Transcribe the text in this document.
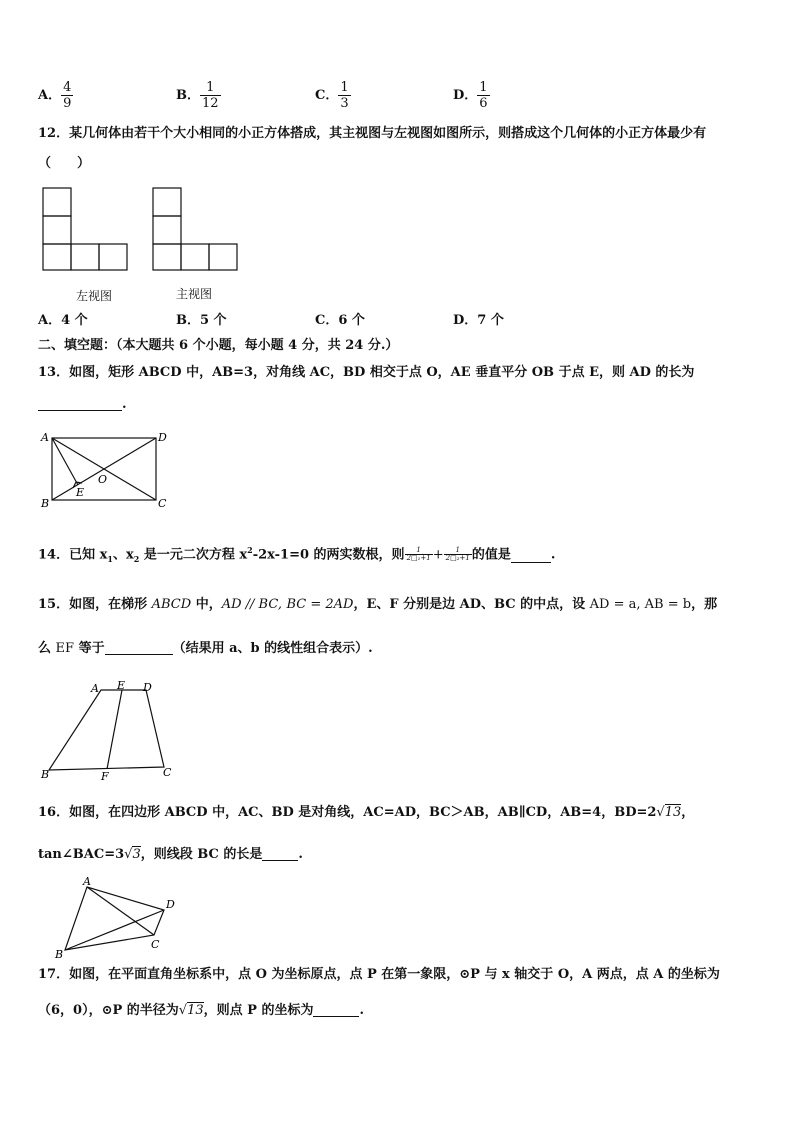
A． $\frac{4}{9}$	B． $\frac{1}{12}$	C． $\frac{1}{3}$	D． $\frac{1}{6}$
12．某几何体由若干个大小相同的小正方体搭成，其主视图与左视图如图所示，则搭成这个几何体的小正方体最少有
（　　）
左视图	主视图
A．4 个	B．5 个	C．6 个	D．7 个
二、填空题：（本大题共 6 个小题，每小题 4 分，共 24 分.）
13．如图，矩形 ABCD 中，AB=3，对角线 AC，BD 相交于点 O，AE 垂直平分 OB 于点 E，则 AD 的长为
.
A	D
B	C
O
E
14．已知 $x_1$、$x_2$ 是一元二次方程 $x^2-2x-1=0$ 的两实数根，则 $\frac{1}{\text{2□₁+1}} + \frac{1}{\text{2□₂+1}}$ 的值是	.
15．如图，在梯形 ABCD 中，AD // BC, BC = 2AD，E、F 分别是边 AD、BC 的中点，设 AD = a, AB = b，那
么 EF 等于	（结果用 a、b 的线性组合表示）.
A E D
B	F	C
16．如图，在四边形 ABCD 中，AC、BD 是对角线，AC=AD，BC＞AB，AB∥CD，AB=4，BD=2√13，
tan∠BAC=3√3，则线段 BC 的长是	.
A
D
C
B
17．如图，在平面直角坐标系中，点 O 为坐标原点，点 P 在第一象限，⊙P 与 x 轴交于 O，A 两点，点 A 的坐标为
（6，0），⊙P 的半径为√13，则点 P 的坐标为	.
